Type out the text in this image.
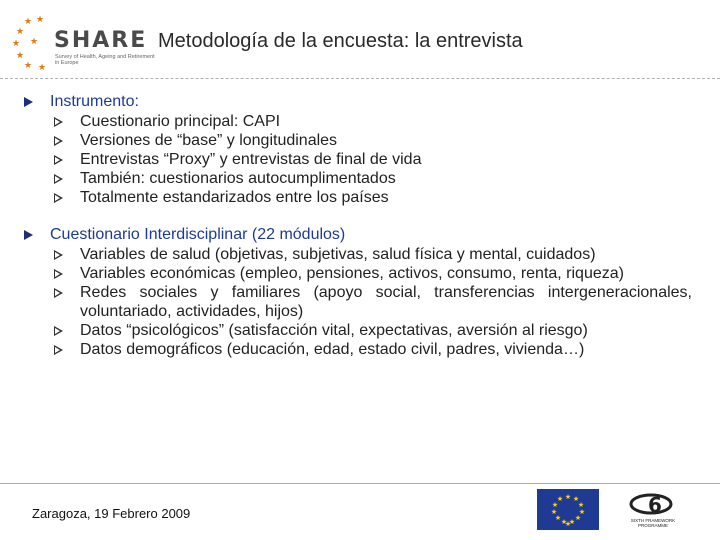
★ ★
★
★
★
★ ★
★ SHARE
Survey of Health, Ageing and Retirement in Europe
Metodología de la encuesta: la entrevista
Instrumento:
Cuestionario principal: CAPI
Versiones de “base” y longitudinales
Entrevistas “Proxy” y entrevistas de final de vida
También: cuestionarios autocumplimentados
Totalmente estandarizados entre los países
Cuestionario Interdisciplinar (22 módulos)
Variables de salud (objetivas, subjetivas, salud física y mental, cuidados)
Variables económicas (empleo, pensiones, activos, consumo, renta, riqueza)
Redes sociales y familiares (apoyo social, transferencias intergeneracionales, voluntariado, actividades, hijos)
Datos “psicológicos” (satisfacción vital, expectativas, aversión al riesgo)
Datos demográficos (educación, edad, estado civil, padres, vivienda…)
Zaragoza, 19 Febrero 2009
★ ★
★
★
★
★
★
★
★
★
★
★
6
SIXTH FRAMEWORK PROGRAMME
